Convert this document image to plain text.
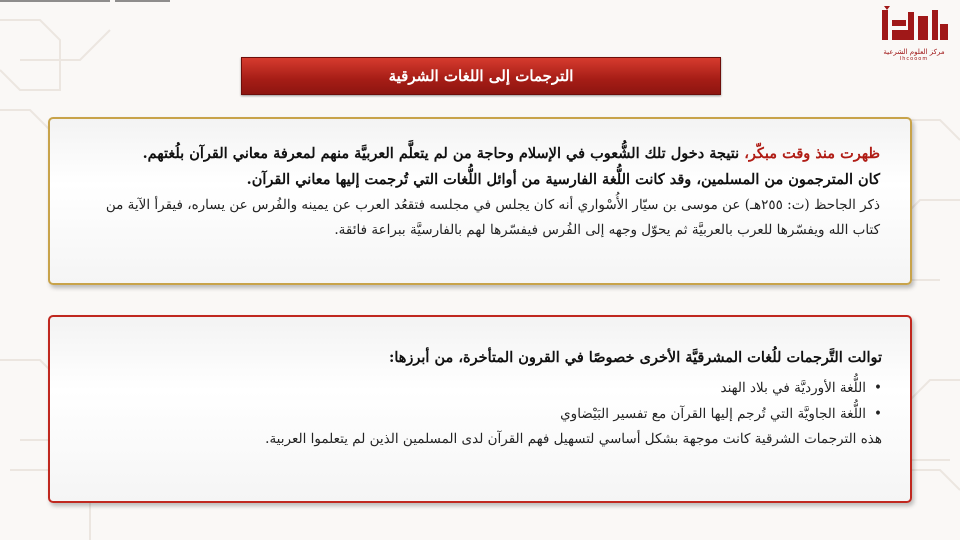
مركز العلوم الشرعية
Ihcooom
الترجمات إلى اللغات الشرقية
ظهرت منذ وقت مبكّر، نتيجة دخول تلك الشُّعوب في الإسلام وحاجة من لم يتعلَّم العربيَّة منهم لمعرفة معاني القرآن بلُغتهم.
كان المترجمون من المسلمين، وقد كانت اللُّغة الفارسية من أوائل اللُّغات التي تُرجمت إليها معاني القرآن.
ذكر الجاحظ (ت: ٢٥٥هـ) عن موسى بن سيّار الأُسْواري أنه كان يجلس في مجلسه فتقعُد العرب عن يمينه والفُرس عن يساره، فيقرأ الآية من كتاب الله ويفسّرها للعرب بالعربيَّة ثم يحوّل وجهه إلى الفُرس فيفسّرها لهم بالفارسيَّة ببراعة فائقة.
توالت التَّرجمات للُغات المشرقيَّة الأخرى خصوصًا في القرون المتأخرة، من أبرزها:
• اللُّغة الأورديَّة في بلاد الهند
• اللُّغة الجاويَّة التي تُرجم إليها القرآن مع تفسير البَيْضاوي
هذه الترجمات الشرقية كانت موجهة بشكل أساسي لتسهيل فهم القرآن لدى المسلمين الذين لم يتعلموا العربية.
